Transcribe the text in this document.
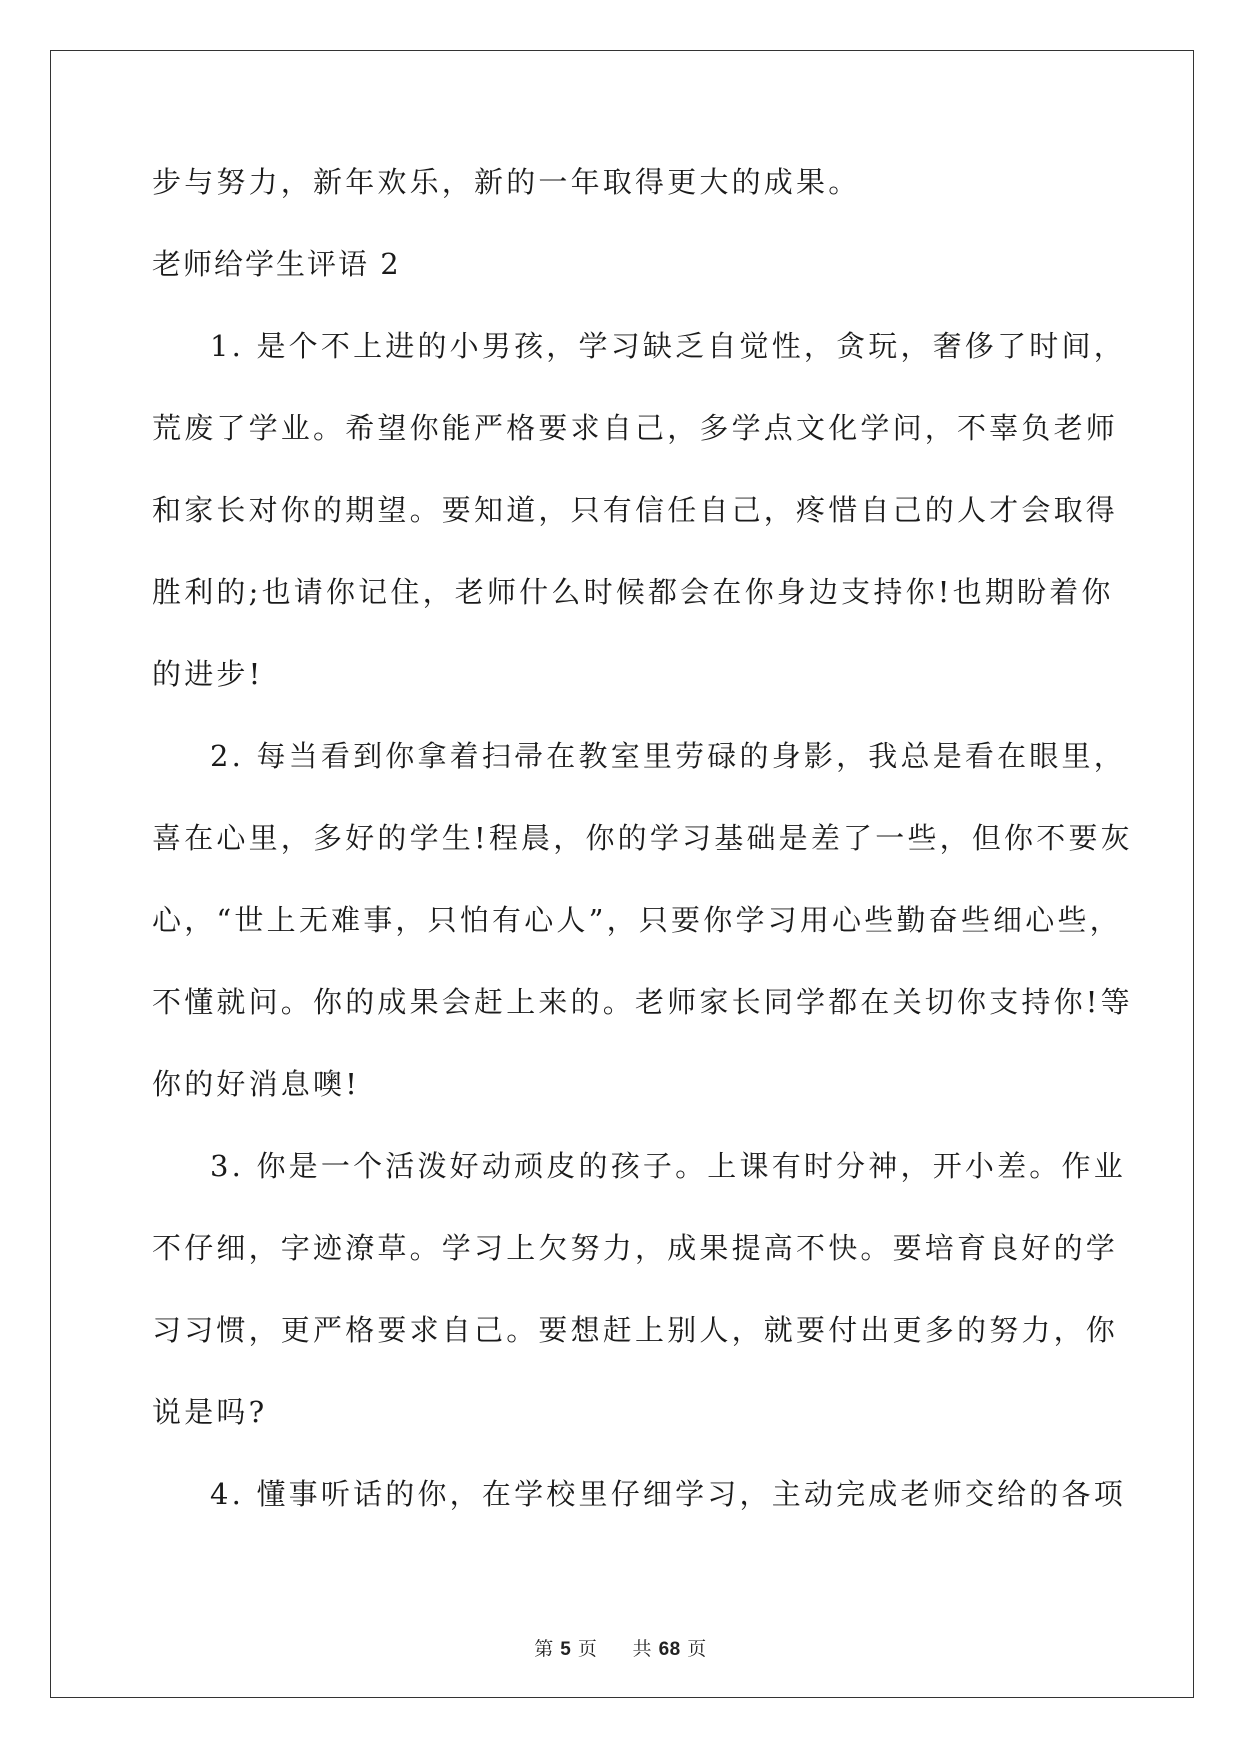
步与努力，新年欢乐，新的一年取得更大的成果。

老师给学生评语 2

1. 是个不上进的小男孩，学习缺乏自觉性，贪玩，奢侈了时间，

荒废了学业。希望你能严格要求自己，多学点文化学问，不辜负老师

和家长对你的期望。要知道，只有信任自己，疼惜自己的人才会取得

胜利的;也请你记住，老师什么时候都会在你身边支持你!也期盼着你

的进步!

2. 每当看到你拿着扫帚在教室里劳碌的身影，我总是看在眼里，

喜在心里，多好的学生!程晨，你的学习基础是差了一些，但你不要灰

心，“世上无难事，只怕有心人”，只要你学习用心些勤奋些细心些，

不懂就问。你的成果会赶上来的。老师家长同学都在关切你支持你!等

你的好消息噢!

3. 你是一个活泼好动顽皮的孩子。上课有时分神，开小差。作业

不仔细，字迹潦草。学习上欠努力，成果提高不快。要培育良好的学

习习惯，更严格要求自己。要想赶上别人，就要付出更多的努力，你

说是吗?

4. 懂事听话的你，在学校里仔细学习，主动完成老师交给的各项

第 5 页 共 68 页
